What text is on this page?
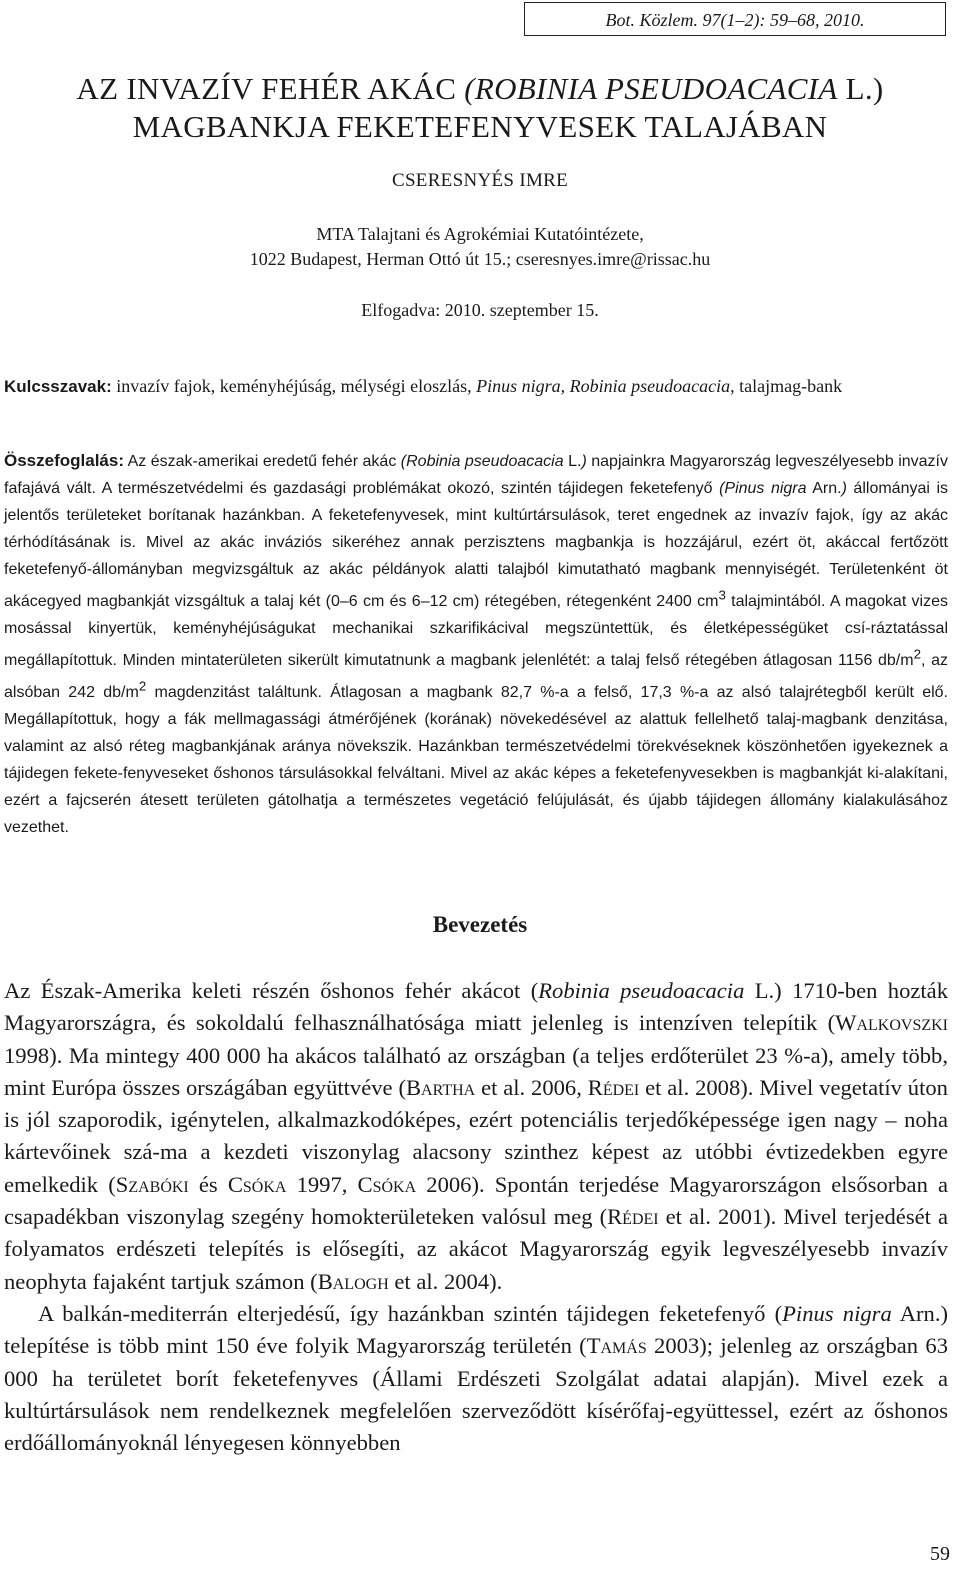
Bot. Közlem. 97(1–2): 59–68, 2010.
AZ INVAZÍV FEHÉR AKÁC (ROBINIA PSEUDOACACIA L.)
MAGBANKJA FEKETEFENYVESEK TALAJÁBAN
CSERESNYÉS IMRE
MTA Talajtani és Agrokémiai Kutatóintézete,
1022 Budapest, Herman Ottó út 15.; cseresnyes.imre@rissac.hu
Elfogadva: 2010. szeptember 15.
Kulcsszavak: invazív fajok, keményhéjúság, mélységi eloszlás, Pinus nigra, Robinia pseudoacacia, talajmag-bank

Összefoglalás: Az észak-amerikai eredetű fehér akác (Robinia pseudoacacia L.) napjainkra Magyarország legveszélyesebb invazív fafajává vált. A természetvédelmi és gazdasági problémákat okozó, szintén tájidegen feketefenyő (Pinus nigra Arn.) állományai is jelentős területeket borítanak hazánkban. A feketefenyvesek, mint kultúrtársulások, teret engednek az invazív fajok, így az akác térhódításának is. Mivel az akác inváziós sikeréhez annak perzisztens magbankja is hozzájárul, ezért öt, akáccal fertőzött feketefenyő-állományban megvizsgáltuk az akác példányok alatti talajból kimutatható magbank mennyiségét. Területenként öt akácegyed magbankját vizsgáltuk a talaj két (0–6 cm és 6–12 cm) rétegében, rétegenként 2400 $cm^3$ talajmintából. A magokat vizes mosással kinyertük, keményhéjúságukat mechanikai szkarifikácival megszüntettük, és életképességüket csí-ráztatással megállapítottuk. Minden mintaterületen sikerült kimutatnunk a magbank jelenlétét: a talaj felső rétegében átlagosan 1156 $db/m^2$, az alsóban 242 $db/m^2$ magdenzitást találtunk. Átlagosan a magbank 82,7 %-a a felső, 17,3 %-a az alsó talajrétegből került elő. Megállapítottuk, hogy a fák mellmagassági átmérőjének (korának) növekedésével az alattuk fellelhető talaj-magbank denzitása, valamint az alsó réteg magbankjának aránya növekszik. Hazánkban természetvédelmi törekvéseknek köszönhetően igyekeznek a tájidegen fekete-fenyveseket őshonos társulásokkal felváltani. Mivel az akác képes a feketefenyvesekben is magbankját ki-alakítani, ezért a fajcserén átesett területen gátolhatja a természetes vegetáció felújulását, és újabb tájidegen állomány kialakulásához vezethet.

Bevezetés

Az Észak-Amerika keleti részén őshonos fehér akácot (Robinia pseudoacacia L.) 1710-ben hozták Magyarországra, és sokoldalú felhasználhatósága miatt jelenleg is intenzíven telepítik (Walkovszki 1998). Ma mintegy 400 000 ha akácos található az országban (a teljes erdőterület 23 %-a), amely több, mint Európa összes országában együttvéve (Bartha et al. 2006, Rédei et al. 2008). Mivel vegetatív úton is jól szaporodik, igénytelen, alkalmazkodóképes, ezért potenciális terjedőképessége igen nagy – noha kártevőinek szá-ma a kezdeti viszonylag alacsony szinthez képest az utóbbi évtizedekben egyre emelkedik (Szabóki és Csóka 1997, Csóka 2006). Spontán terjedése Magyarországon elsősorban a csapadékban viszonylag szegény homokterületeken valósul meg (Rédei et al. 2001). Mivel terjedését a folyamatos erdészeti telepítés is elősegíti, az akácot Magyarország egyik legveszélyesebb invazív neophyta fajaként tartjuk számon (Balogh et al. 2004).

A balkán-mediterrán elterjedésű, így hazánkban szintén tájidegen feketefenyő (Pinus nigra Arn.) telepítése is több mint 150 éve folyik Magyarország területén (Tamás 2003); jelenleg az országban 63 000 ha területet borít feketefenyves (Állami Erdészeti Szolgálat adatai alapján). Mivel ezek a kultúrtársulások nem rendelkeznek megfelelően szerveződött kísérőfaj-együttessel, ezért az őshonos erdőállományoknál lényegesen könnyebben

59
